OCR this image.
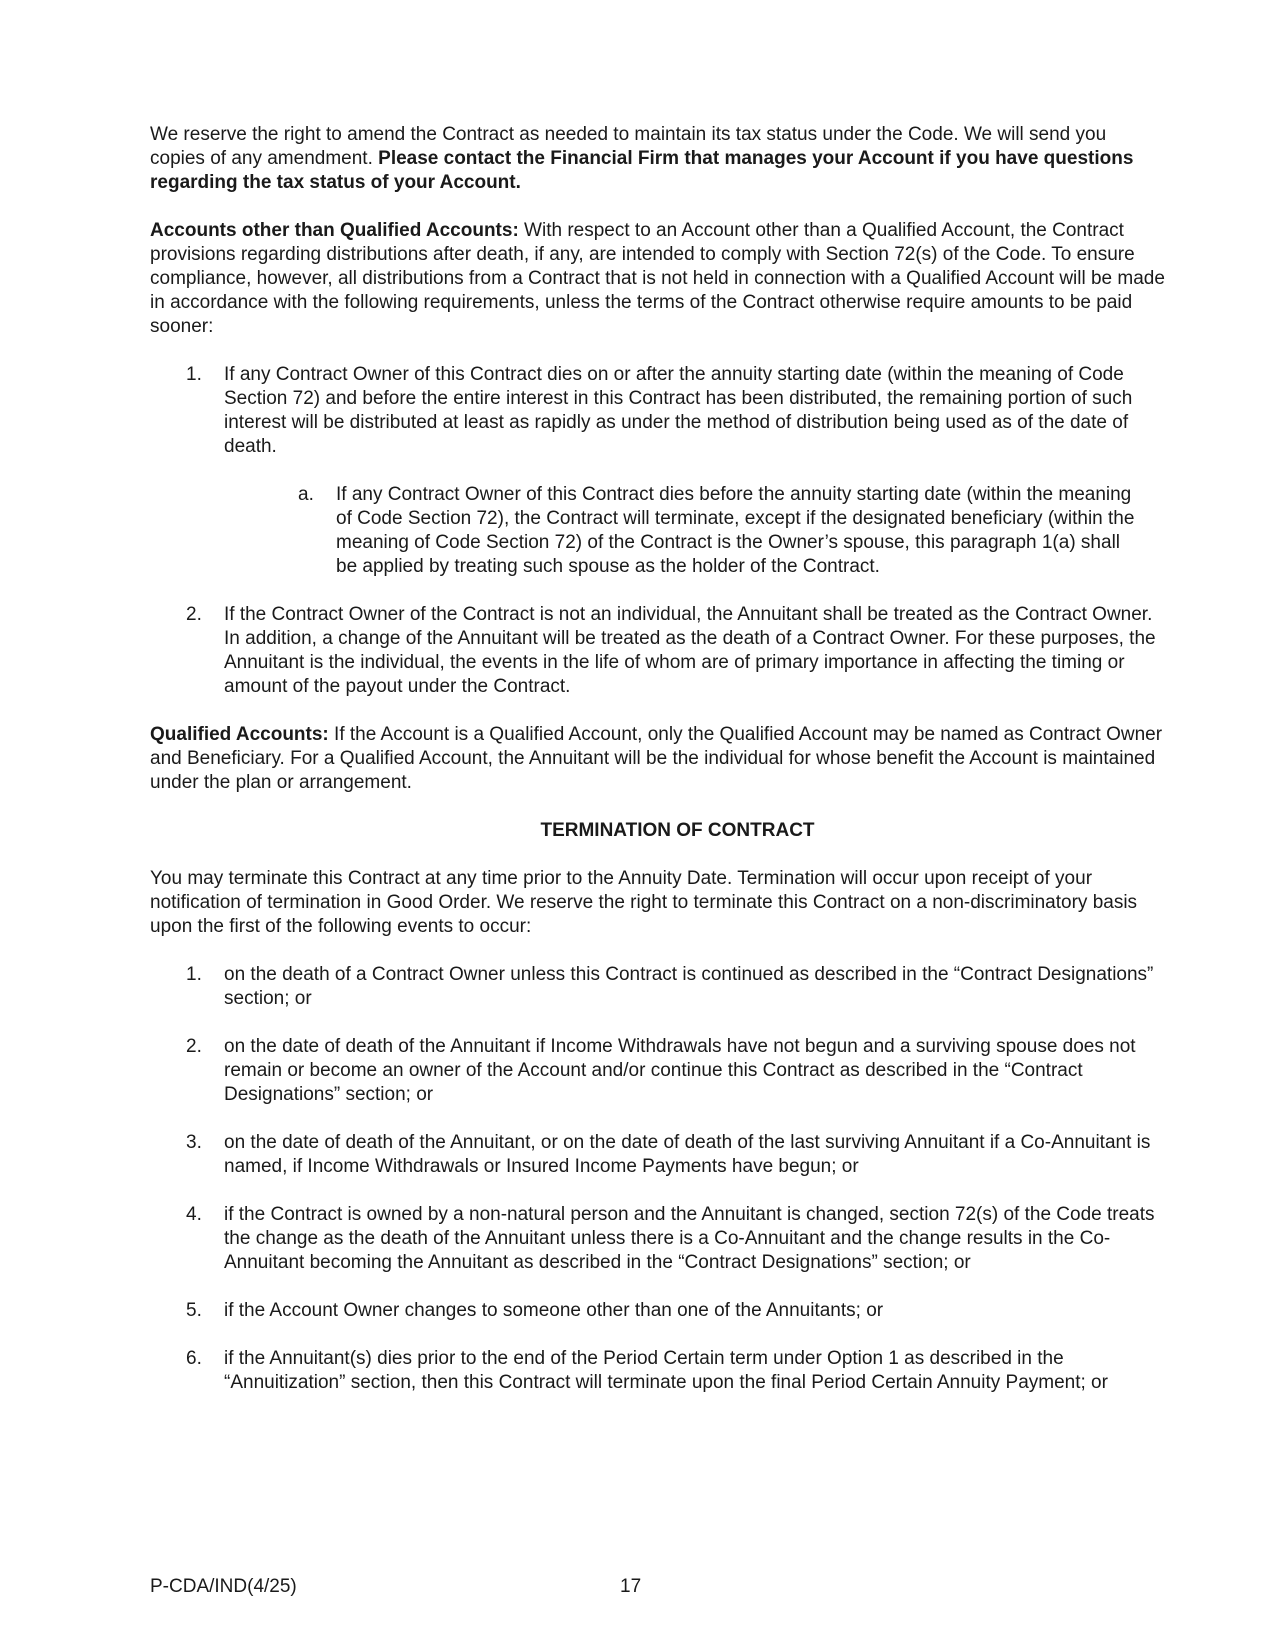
We reserve the right to amend the Contract as needed to maintain its tax status under the Code. We will send you copies of any amendment. Please contact the Financial Firm that manages your Account if you have questions regarding the tax status of your Account.

Accounts other than Qualified Accounts: With respect to an Account other than a Qualified Account, the Contract provisions regarding distributions after death, if any, are intended to comply with Section 72(s) of the Code. To ensure compliance, however, all distributions from a Contract that is not held in connection with a Qualified Account will be made in accordance with the following requirements, unless the terms of the Contract otherwise require amounts to be paid sooner:

1. If any Contract Owner of this Contract dies on or after the annuity starting date (within the meaning of Code Section 72) and before the entire interest in this Contract has been distributed, the remaining portion of such interest will be distributed at least as rapidly as under the method of distribution being used as of the date of death.

a. If any Contract Owner of this Contract dies before the annuity starting date (within the meaning of Code Section 72), the Contract will terminate, except if the designated beneficiary (within the meaning of Code Section 72) of the Contract is the Owner’s spouse, this paragraph 1(a) shall be applied by treating such spouse as the holder of the Contract.

2. If the Contract Owner of the Contract is not an individual, the Annuitant shall be treated as the Contract Owner. In addition, a change of the Annuitant will be treated as the death of a Contract Owner. For these purposes, the Annuitant is the individual, the events in the life of whom are of primary importance in affecting the timing or amount of the payout under the Contract.

Qualified Accounts: If the Account is a Qualified Account, only the Qualified Account may be named as Contract Owner and Beneficiary. For a Qualified Account, the Annuitant will be the individual for whose benefit the Account is maintained under the plan or arrangement.

TERMINATION OF CONTRACT

You may terminate this Contract at any time prior to the Annuity Date. Termination will occur upon receipt of your notification of termination in Good Order. We reserve the right to terminate this Contract on a non-discriminatory basis upon the first of the following events to occur:

1. on the death of a Contract Owner unless this Contract is continued as described in the “Contract Designations” section; or

2. on the date of death of the Annuitant if Income Withdrawals have not begun and a surviving spouse does not remain or become an owner of the Account and/or continue this Contract as described in the “Contract Designations” section; or

3. on the date of death of the Annuitant, or on the date of death of the last surviving Annuitant if a Co-Annuitant is named, if Income Withdrawals or Insured Income Payments have begun; or

4. if the Contract is owned by a non-natural person and the Annuitant is changed, section 72(s) of the Code treats the change as the death of the Annuitant unless there is a Co-Annuitant and the change results in the Co-Annuitant becoming the Annuitant as described in the “Contract Designations” section; or

5. if the Account Owner changes to someone other than one of the Annuitants; or

6. if the Annuitant(s) dies prior to the end of the Period Certain term under Option 1 as described in the “Annuitization” section, then this Contract will terminate upon the final Period Certain Annuity Payment; or

P-CDA/IND(4/25)	17
